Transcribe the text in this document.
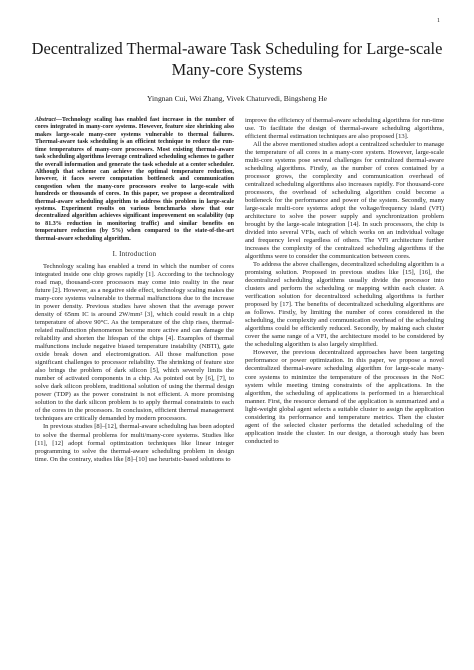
1
Decentralized Thermal-aware Task Scheduling for Large-scale Many-core Systems
Yingnan Cui, Wei Zhang, Vivek Chaturvedi, Bingsheng He

Abstract—Technology scaling has enabled fast increase in the number of cores integrated in many-core systems. However, feature size shrinking also makes large-scale many-core systems vulnerable to thermal failures. Thermal-aware task scheduling is an efficient technique to reduce the run-time temperatures of many-core processors. Most existing thermal-aware task scheduling algorithms leverage centralized scheduling schemes to gather the overall information and generate the task schedule at a center scheduler. Although that scheme can achieve the optimal temperature reduction, however, it faces severe computation bottleneck and communication congestion when the many-core processors evolve to large-scale with hundreds or thousands of cores. In this paper, we propose a decentralized thermal-aware scheduling algorithm to address this problem in large-scale systems. Experiment results on various benchmarks show that our decentralized algorithm achieves significant improvement on scalability (up to 81.3% reduction in monitoring traffic) and similar benefits on temperature reduction (by 5%) when compared to the state-of-the-art thermal-aware scheduling algorithm.

I. Introduction

Technology scaling has enabled a trend in which the number of cores integrated inside one chip grows rapidly [1]. According to the technology road map, thousand-core processors may come into reality in the near future [2]. However, as a negative side effect, technology scaling makes the many-core systems vulnerable to thermal malfunctions due to the increase in power density. Previous studies have shown that the average power density of 65nm IC is around 2W/mm² [3], which could result in a chip temperature of above 90°C. As the temperature of the chip rises, thermal-related malfunction phenomenon become more active and can damage the reliability and shorten the lifespan of the chips [4]. Examples of thermal malfunctions include negative biased temperature instability (NBTI), gate oxide break down and electromigration. All those malfunction pose significant challenges to processor reliability. The shrinking of feature size also brings the problem of dark silicon [5], which severely limits the number of activated components in a chip. As pointed out by [6], [7], to solve dark silicon problem, traditional solution of using the thermal design power (TDP) as the power constraint is not efficient. A more promising solution to the dark silicon problem is to apply thermal constraints to each of the cores in the processors. In conclusion, efficient thermal management techniques are critically demanded by modern processors.

In previous studies [8]–[12], thermal-aware scheduling has been adopted to solve the thermal problems for multi/many-core systems. Studies like [11], [12] adopt formal optimization techniques like linear integer programming to solve the thermal-aware scheduling problem in design time. On the contrary, studies like [8]–[10] use heuristic-based solutions to

improve the efficiency of thermal-aware scheduling algorithms for run-time use. To facilitate the design of thermal-aware scheduling algorithms, efficient thermal estimation techniques are also proposed [13].

All the above mentioned studies adopt a centralized scheduler to manage the temperature of all cores in a many-core system. However, large-scale multi-core systems pose several challenges for centralized thermal-aware scheduling algorithms. Firstly, as the number of cores contained by a processor grows, the complexity and communication overhead of centralized scheduling algorithms also increases rapidly. For thousand-core processors, the overhead of scheduling algorithm could become a bottleneck for the performance and power of the system. Secondly, many large-scale multi-core systems adopt the voltage/frequency island (VFI) architecture to solve the power supply and synchronization problem brought by the large-scale integration [14]. In such processors, the chip is divided into several VFIs, each of which works on an individual voltage and frequency level regardless of others. The VFI architecture further increases the complexity of the centralized scheduling algorithms if the algorithms were to consider the communication between cores.

To address the above challenges, decentralized scheduling algorithm is a promising solution. Proposed in previous studies like [15], [16], the decentralized scheduling algorithms usually divide the processor into clusters and perform the scheduling or mapping within each cluster. A verification solution for decentralized scheduling algorithms is further proposed by [17]. The benefits of decentralized scheduling algorithms are as follows. Firstly, by limiting the number of cores considered in the scheduling, the complexity and communication overhead of the scheduling algorithms could be efficiently reduced. Secondly, by making each cluster cover the same range of a VFI, the architecture model to be considered by the scheduling algorithm is also largely simplified.

However, the previous decentralized approaches have been targeting performance or power optimization. In this paper, we propose a novel decentralized thermal-aware scheduling algorithm for large-scale many-core systems to minimize the temperature of the processes in the NoC system while meeting timing constraints of the applications. In the algorithm, the scheduling of applications is performed in a hierarchical manner. First, the resource demand of the application is summarized and a light-weight global agent selects a suitable cluster to assign the application considering its performance and temperature metrics. Then the cluster agent of the selected cluster performs the detailed scheduling of the application inside the cluster. In our design, a thorough study has been conducted to
